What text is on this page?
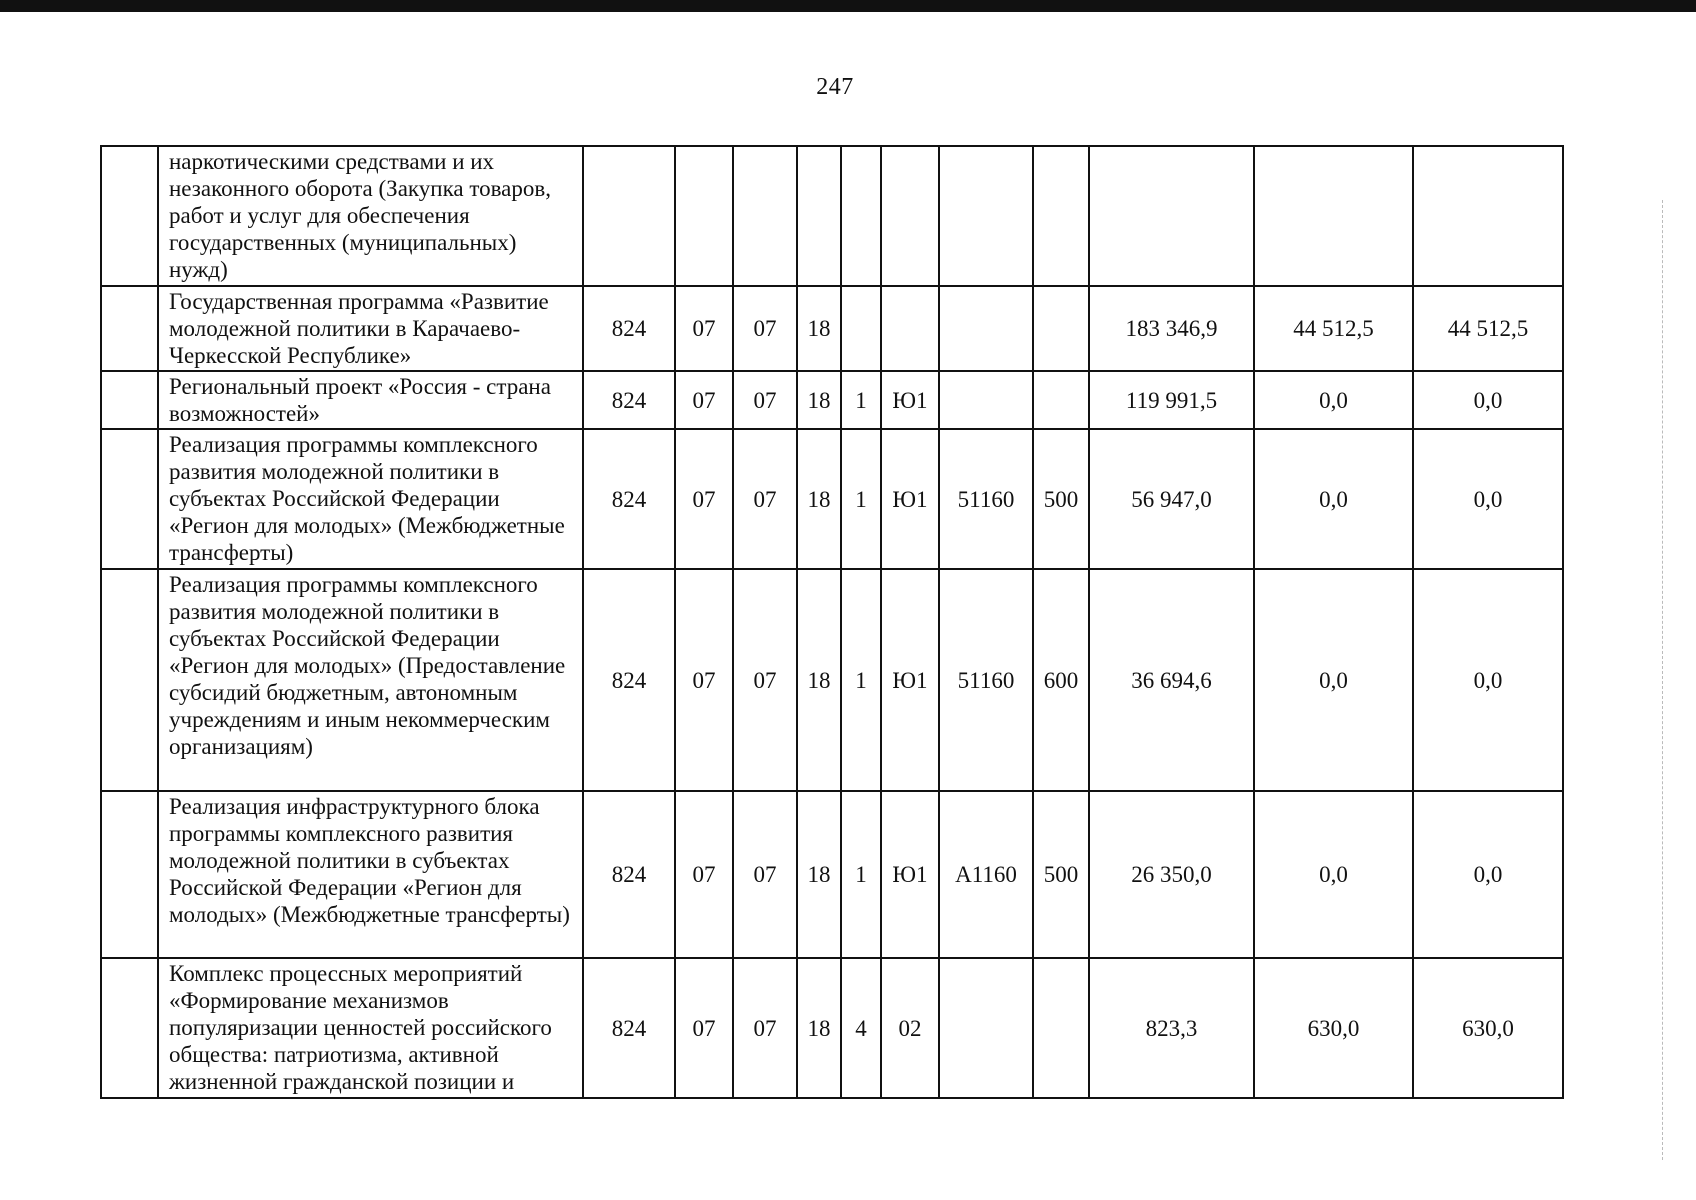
247
	наркотическими средствами и их незаконного оборота (Закупка товаров, работ и услуг для обеспечения государственных (муниципальных) нужд)											
	Государственная программа «Развитие молодежной политики в Карачаево-Черкесской Республике»	824	07	07	18					183 346,9	44 512,5	44 512,5
	Региональный проект «Россия - страна возможностей»	824	07	07	18	1	Ю1			119 991,5	0,0	0,0
	Реализация программы комплексного развития молодежной политики в субъектах Российской Федерации «Регион для молодых» (Межбюджетные трансферты)	824	07	07	18	1	Ю1	51160	500	56 947,0	0,0	0,0
	Реализация программы комплексного развития молодежной политики в субъектах Российской Федерации «Регион для молодых» (Предоставление субсидий бюджетным, автономным учреждениям и иным некоммерческим организациям)	824	07	07	18	1	Ю1	51160	600	36 694,6	0,0	0,0
	Реализация инфраструктурного блока программы комплексного развития молодежной политики в субъектах Российской Федерации «Регион для молодых» (Межбюджетные трансферты)	824	07	07	18	1	Ю1	А1160	500	26 350,0	0,0	0,0
	Комплекс процессных мероприятий «Формирование механизмов популяризации ценностей российского общества: патриотизма, активной жизненной гражданской позиции и	824	07	07	18	4	02			823,3	630,0	630,0
